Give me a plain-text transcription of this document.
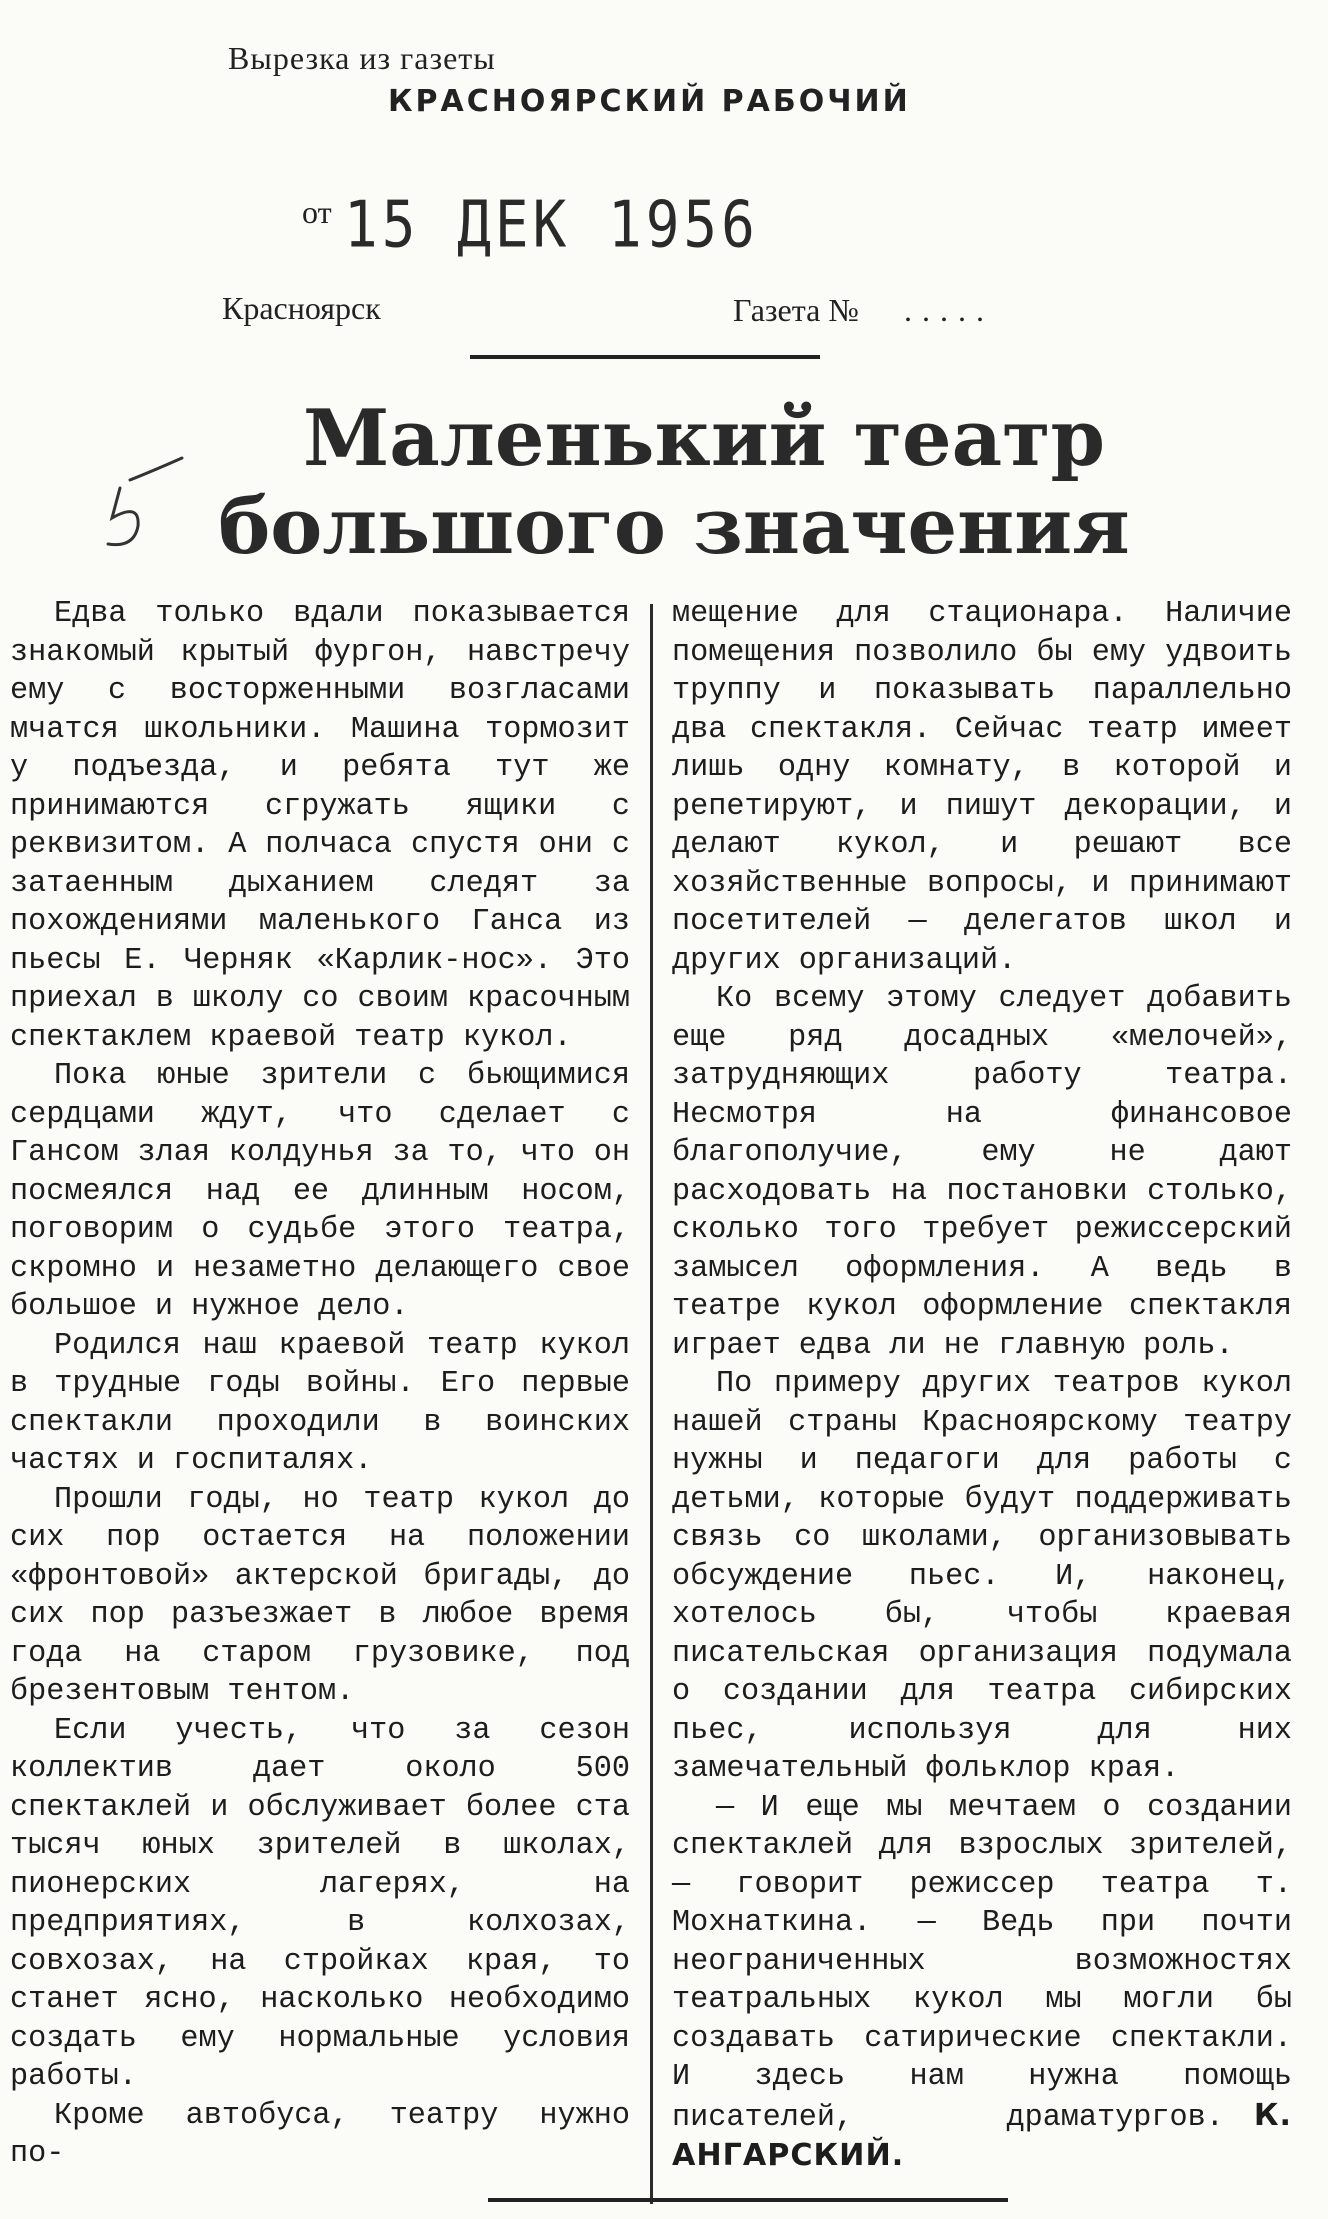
Вырезка из газеты
КРАСНОЯРСКИЙ РАБОЧИЙ
от 15 ДЕК 1956
Красноярск	Газета № .....
Маленький театр
большого значения

Едва только вдали показывается знакомый крытый фургон, навстречу ему с восторженными возгласами мчатся школьники. Машина тормозит у подъезда, и ребята тут же принимаются сгружать ящики с реквизитом. А полчаса спустя они с затаенным дыханием следят за похождениями маленького Ганса из пьесы Е. Черняк «Карлик-нос». Это приехал в школу со своим красочным спектаклем краевой театр кукол.

Пока юные зрители с бьющимися сердцами ждут, что сделает с Гансом злая колдунья за то, что он посмеялся над ее длинным носом, поговорим о судьбе этого театра, скромно и незаметно делающего свое большое и нужное дело.

Родился наш краевой театр кукол в трудные годы войны. Его первые спектакли проходили в воинских частях и госпиталях.

Прошли годы, но театр кукол до сих пор остается на положении «фронтовой» актерской бригады, до сих пор разъезжает в любое время года на старом грузовике, под брезентовым тентом.

Если учесть, что за сезон коллектив дает около 500 спектаклей и обслуживает более ста тысяч юных зрителей в школах, пионерских лагерях, на предприятиях, в колхозах, совхозах, на стройках края, то станет ясно, насколько необходимо создать ему нормальные условия работы.

Кроме автобуса, театру нужно по-

мещение для стационара. Наличие помещения позволило бы ему удвоить труппу и показывать параллельно два спектакля. Сейчас театр имеет лишь одну комнату, в которой и репетируют, и пишут декорации, и делают кукол, и решают все хозяйственные вопросы, и принимают посетителей — делегатов школ и других организаций.

Ко всему этому следует добавить еще ряд досадных «мелочей», затрудняющих работу театра. Несмотря на финансовое благополучие, ему не дают расходовать на постановки столько, сколько того требует режиссерский замысел оформления. А ведь в театре кукол оформление спектакля играет едва ли не главную роль.

По примеру других театров кукол нашей страны Красноярскому театру нужны и педагоги для работы с детьми, которые будут поддерживать связь со школами, организовывать обсуждение пьес. И, наконец, хотелось бы, чтобы краевая писательская организация подумала о создании для театра сибирских пьес, используя для них замечательный фольклор края.

— И еще мы мечтаем о создании спектаклей для взрослых зрителей, — говорит режиссер театра т. Мохнаткина. — Ведь при почти неограниченных возможностях театральных кукол мы могли бы создавать сатирические спектакли. И здесь нам нужна помощь писателей, драматургов. К. АНГАРСКИЙ.
